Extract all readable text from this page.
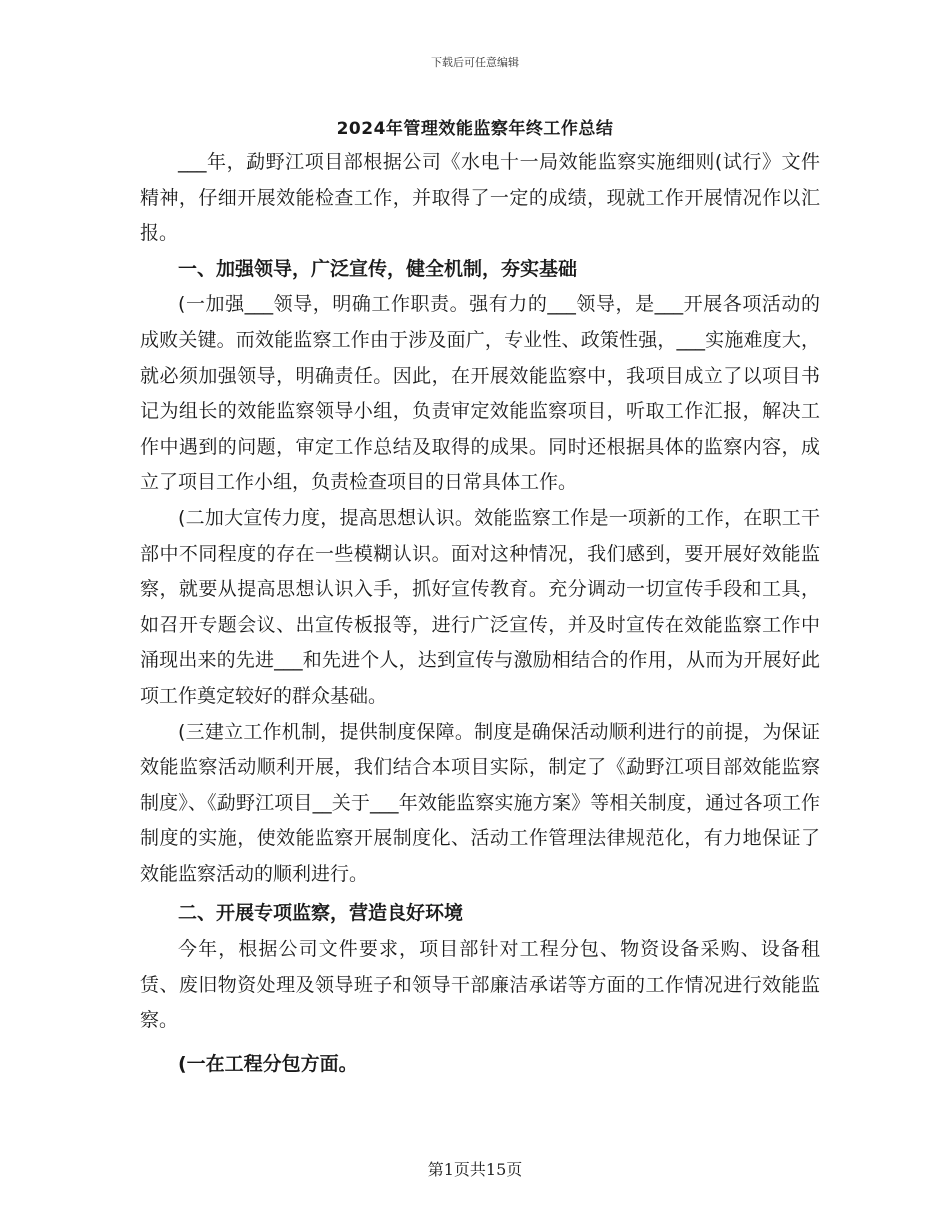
下载后可任意编辑
2024年管理效能监察年终工作总结

___年，勐野江项目部根据公司《水电十一局效能监察实施细则(试行》文件精神，仔细开展效能检查工作，并取得了一定的成绩，现就工作开展情况作以汇报。

一、加强领导，广泛宣传，健全机制，夯实基础

(一加强___领导，明确工作职责。强有力的___领导，是___开展各项活动的成败关键。而效能监察工作由于涉及面广，专业性、政策性强，___实施难度大，就必须加强领导，明确责任。因此，在开展效能监察中，我项目成立了以项目书记为组长的效能监察领导小组，负责审定效能监察项目，听取工作汇报，解决工作中遇到的问题，审定工作总结及取得的成果。同时还根据具体的监察内容，成立了项目工作小组，负责检查项目的日常具体工作。

(二加大宣传力度，提高思想认识。效能监察工作是一项新的工作，在职工干部中不同程度的存在一些模糊认识。面对这种情况，我们感到，要开展好效能监察，就要从提高思想认识入手，抓好宣传教育。充分调动一切宣传手段和工具，如召开专题会议、出宣传板报等，进行广泛宣传，并及时宣传在效能监察工作中涌现出来的先进___和先进个人，达到宣传与激励相结合的作用，从而为开展好此项工作奠定较好的群众基础。

(三建立工作机制，提供制度保障。制度是确保活动顺利进行的前提，为保证效能监察活动顺利开展，我们结合本项目实际，制定了《勐野江项目部效能监察制度》、《勐野江项目__关于___年效能监察实施方案》等相关制度，通过各项工作制度的实施，使效能监察开展制度化、活动工作管理法律规范化，有力地保证了效能监察活动的顺利进行。

二、开展专项监察，营造良好环境

今年，根据公司文件要求，项目部针对工程分包、物资设备采购、设备租赁、废旧物资处理及领导班子和领导干部廉洁承诺等方面的工作情况进行效能监察。

(一在工程分包方面。

第1页共15页
